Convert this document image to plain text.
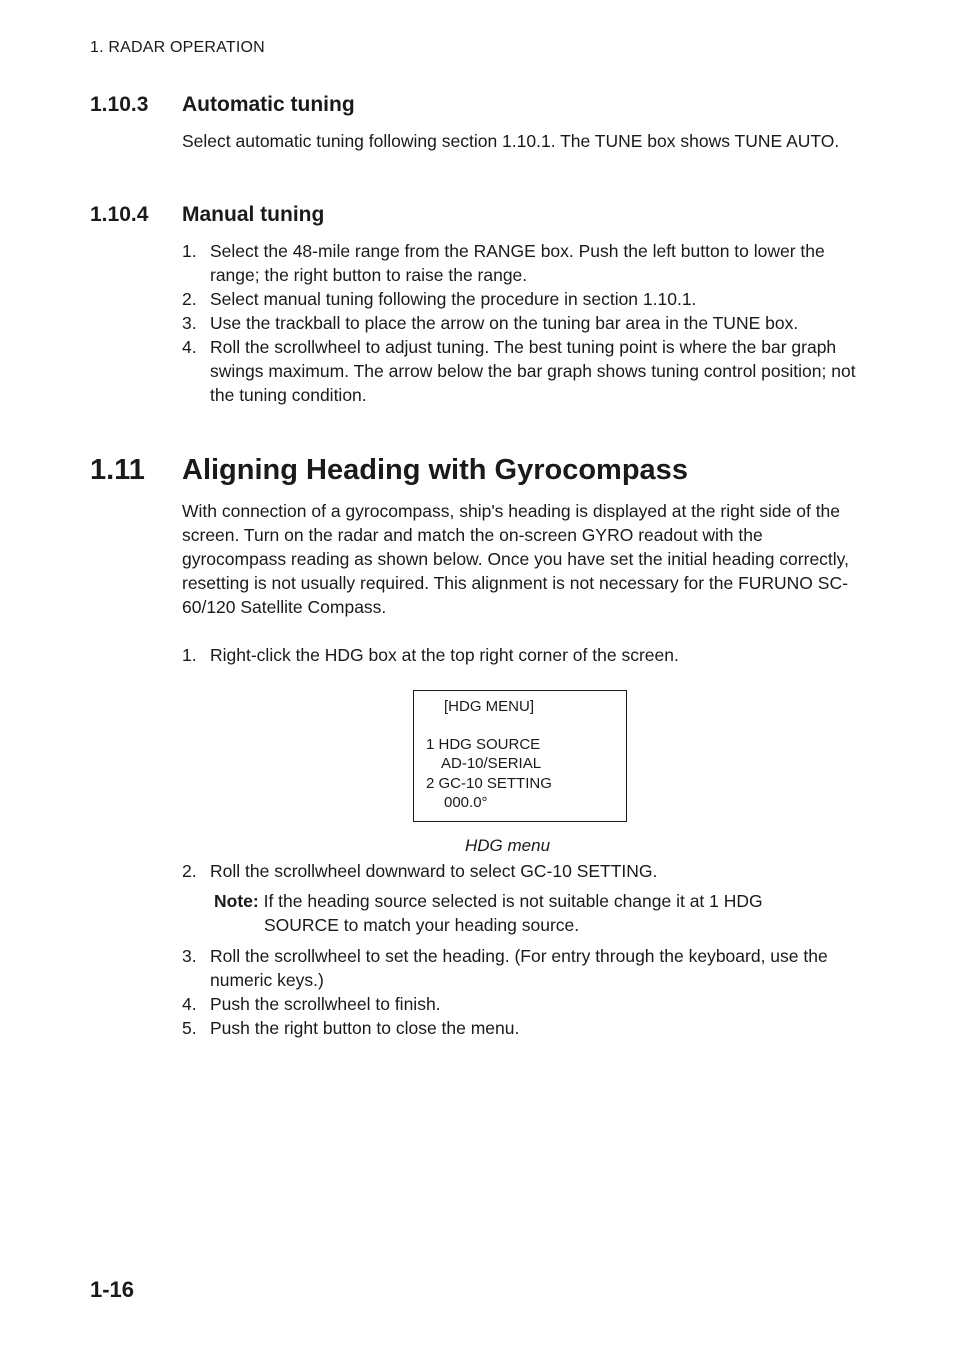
1. RADAR OPERATION
1.10.3 Automatic tuning
Select automatic tuning following section 1.10.1. The TUNE box shows TUNE AUTO.
1.10.4 Manual tuning
1. Select the 48-mile range from the RANGE box. Push the left button to lower the range; the right button to raise the range.
2. Select manual tuning following the procedure in section 1.10.1.
3. Use the trackball to place the arrow on the tuning bar area in the TUNE box.
4. Roll the scrollwheel to adjust tuning. The best tuning point is where the bar graph swings maximum. The arrow below the bar graph shows tuning control position; not the tuning condition.
1.11 Aligning Heading with Gyrocompass
With connection of a gyrocompass, ship's heading is displayed at the right side of the screen. Turn on the radar and match the on-screen GYRO readout with the gyrocompass reading as shown below. Once you have set the initial heading correctly, resetting is not usually required. This alignment is not necessary for the FURUNO SC-60/120 Satellite Compass.
1. Right-click the HDG box at the top right corner of the screen.
[HDG MENU]
1 HDG SOURCE
AD-10/SERIAL
2 GC-10 SETTING
000.0°
HDG menu
2. Roll the scrollwheel downward to select GC-10 SETTING.
Note: If the heading source selected is not suitable change it at 1 HDG
SOURCE to match your heading source.
3. Roll the scrollwheel to set the heading. (For entry through the keyboard, use the numeric keys.)
4. Push the scrollwheel to finish.
5. Push the right button to close the menu.
1-16
